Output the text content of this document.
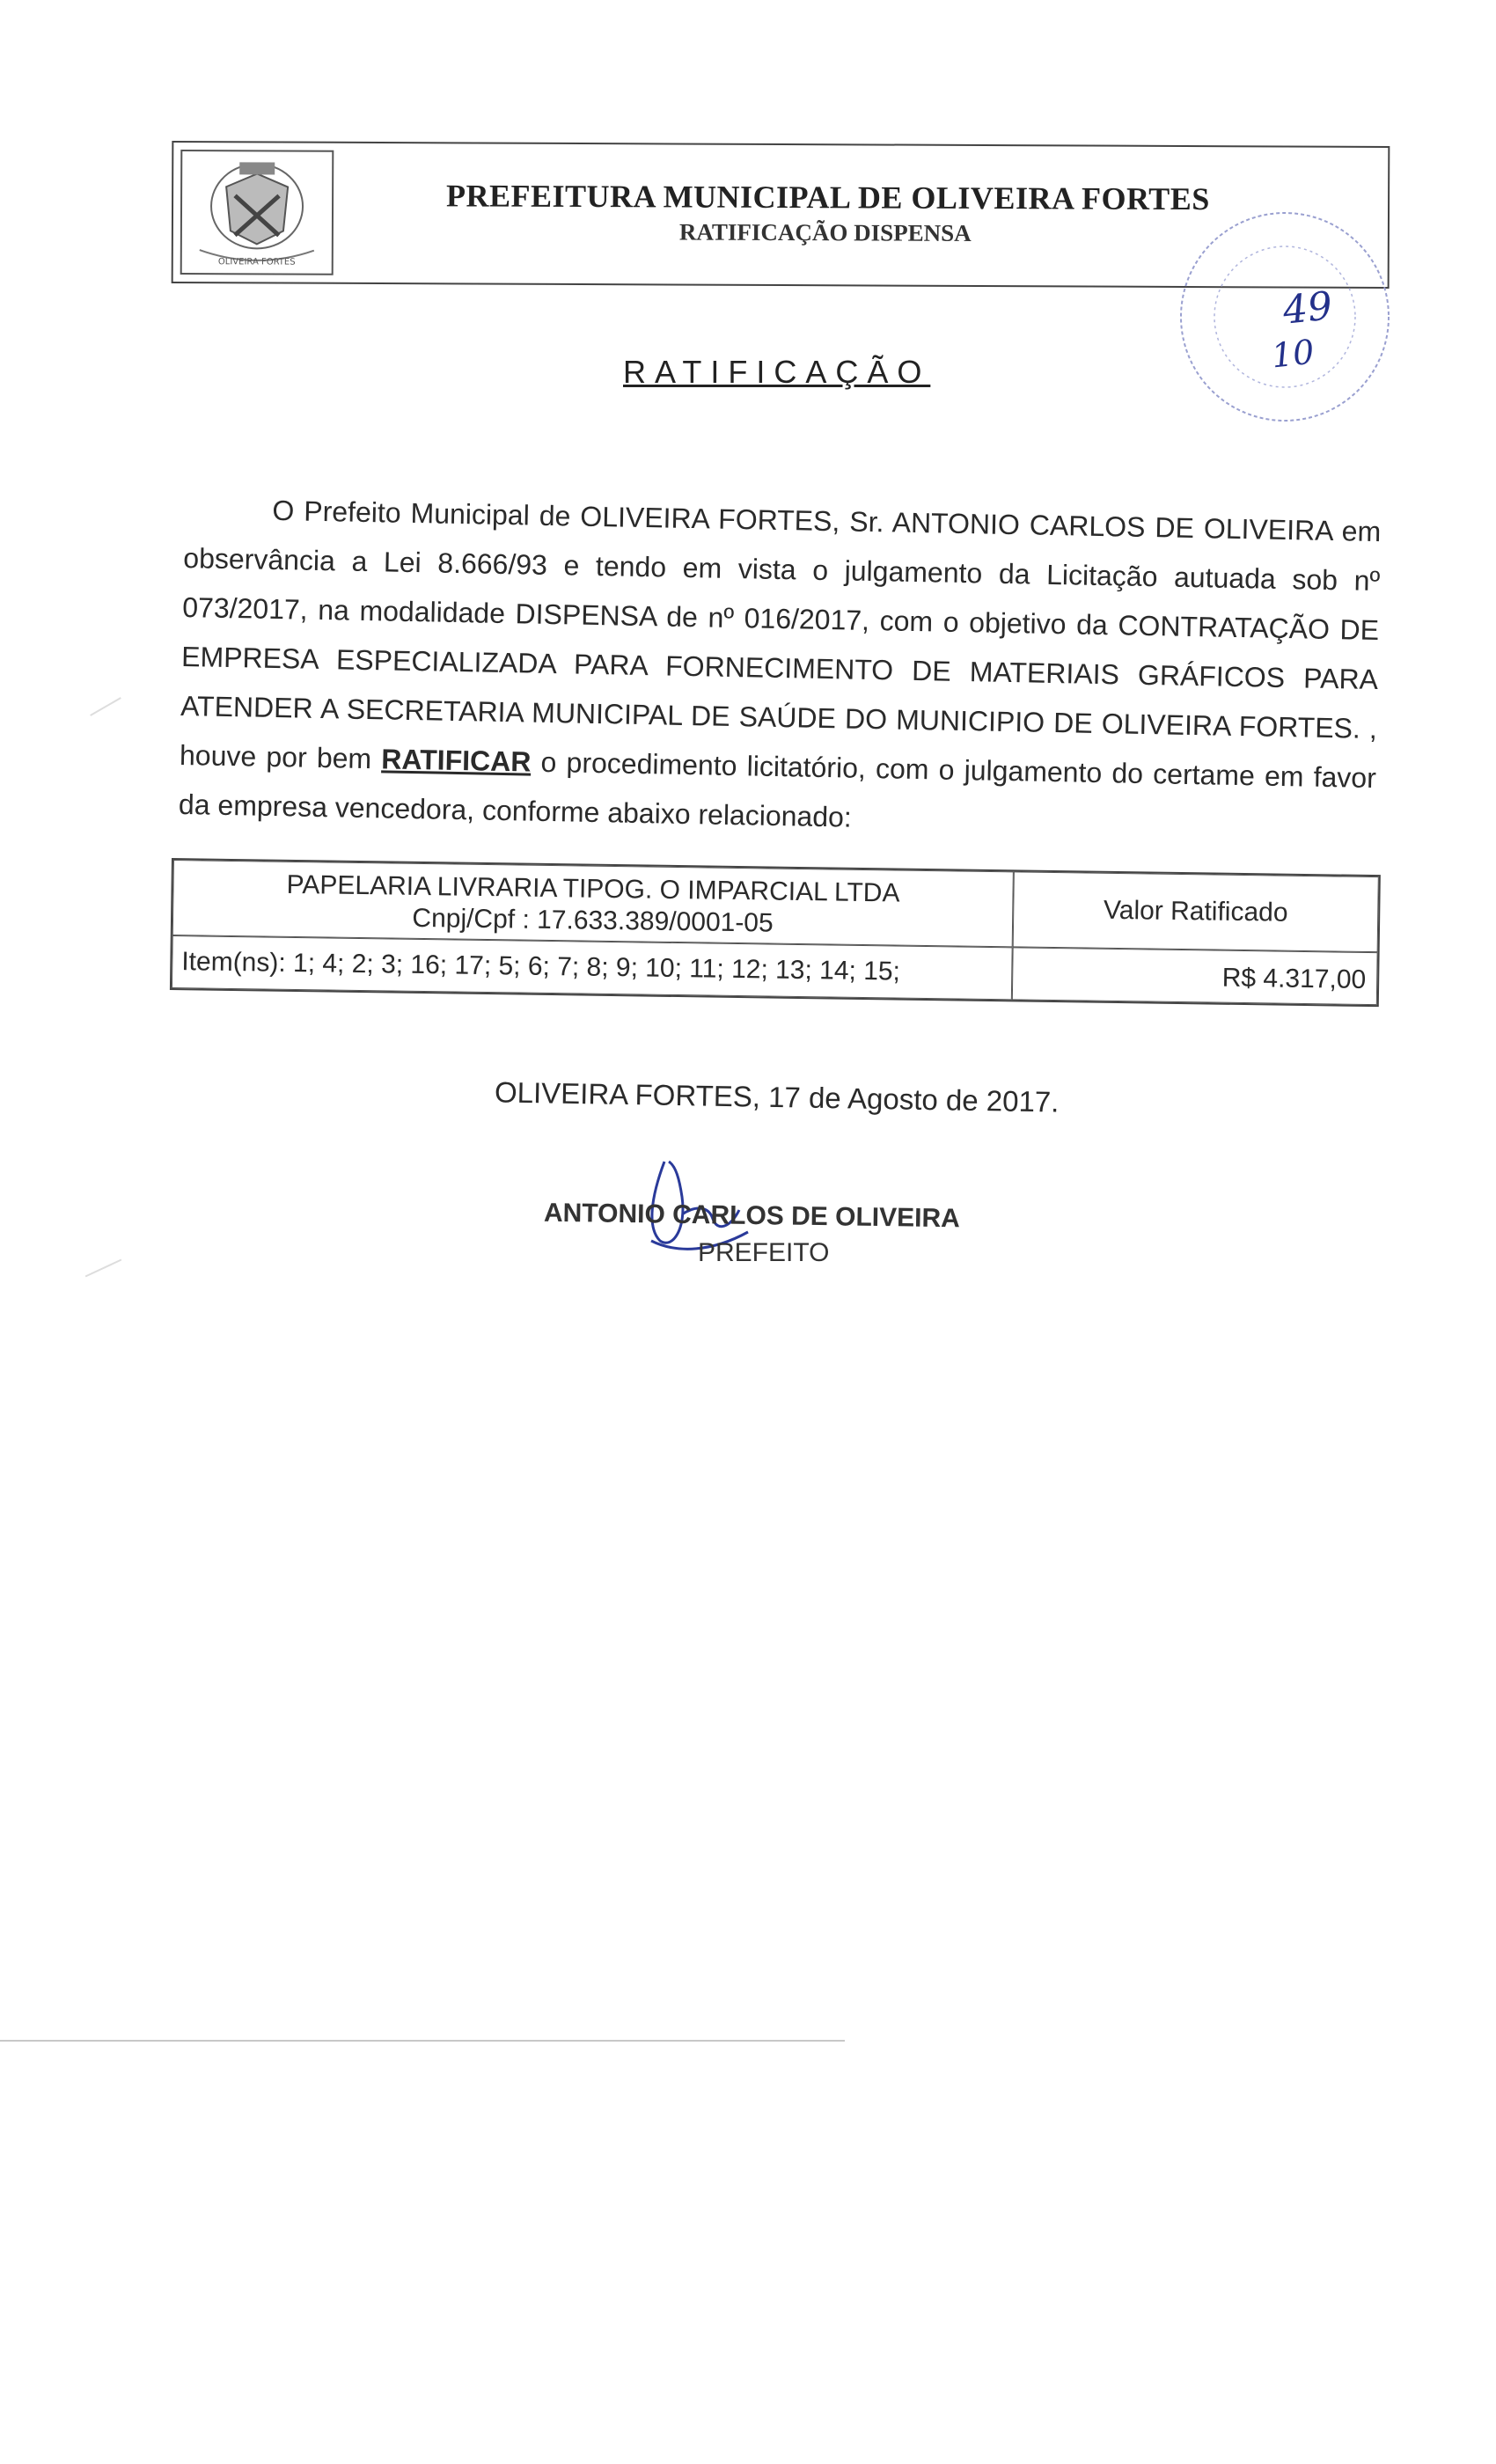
OLIVEIRA FORTES
PREFEITURA MUNICIPAL DE OLIVEIRA FORTES
RATIFICAÇÃO DISPENSA
49
10
RATIFICAÇÃO

O Prefeito Municipal de OLIVEIRA FORTES, Sr. ANTONIO CARLOS DE OLIVEIRA em observância a Lei 8.666/93 e tendo em vista o julgamento da Licitação autuada sob nº 073/2017, na modalidade DISPENSA de nº 016/2017, com o objetivo da CONTRATAÇÃO DE EMPRESA ESPECIALIZADA PARA FORNECIMENTO DE MATERIAIS GRÁFICOS PARA ATENDER A SECRETARIA MUNICIPAL DE SAÚDE DO MUNICIPIO DE OLIVEIRA FORTES. , houve por bem RATIFICAR o procedimento licitatório, com o julgamento do certame em favor da empresa vencedora, conforme abaixo relacionado:

PAPELARIA LIVRARIA TIPOG. O IMPARCIAL LTDA
Cnpj/Cpf : 17.633.389/0001-05	Valor Ratificado
Item(ns): 1; 4; 2; 3; 16; 17; 5; 6; 7; 8; 9; 10; 11; 12; 13; 14; 15;	R$ 4.317,00
OLIVEIRA FORTES, 17 de Agosto de 2017.
ANTONIO CARLOS DE OLIVEIRA
PREFEITO
